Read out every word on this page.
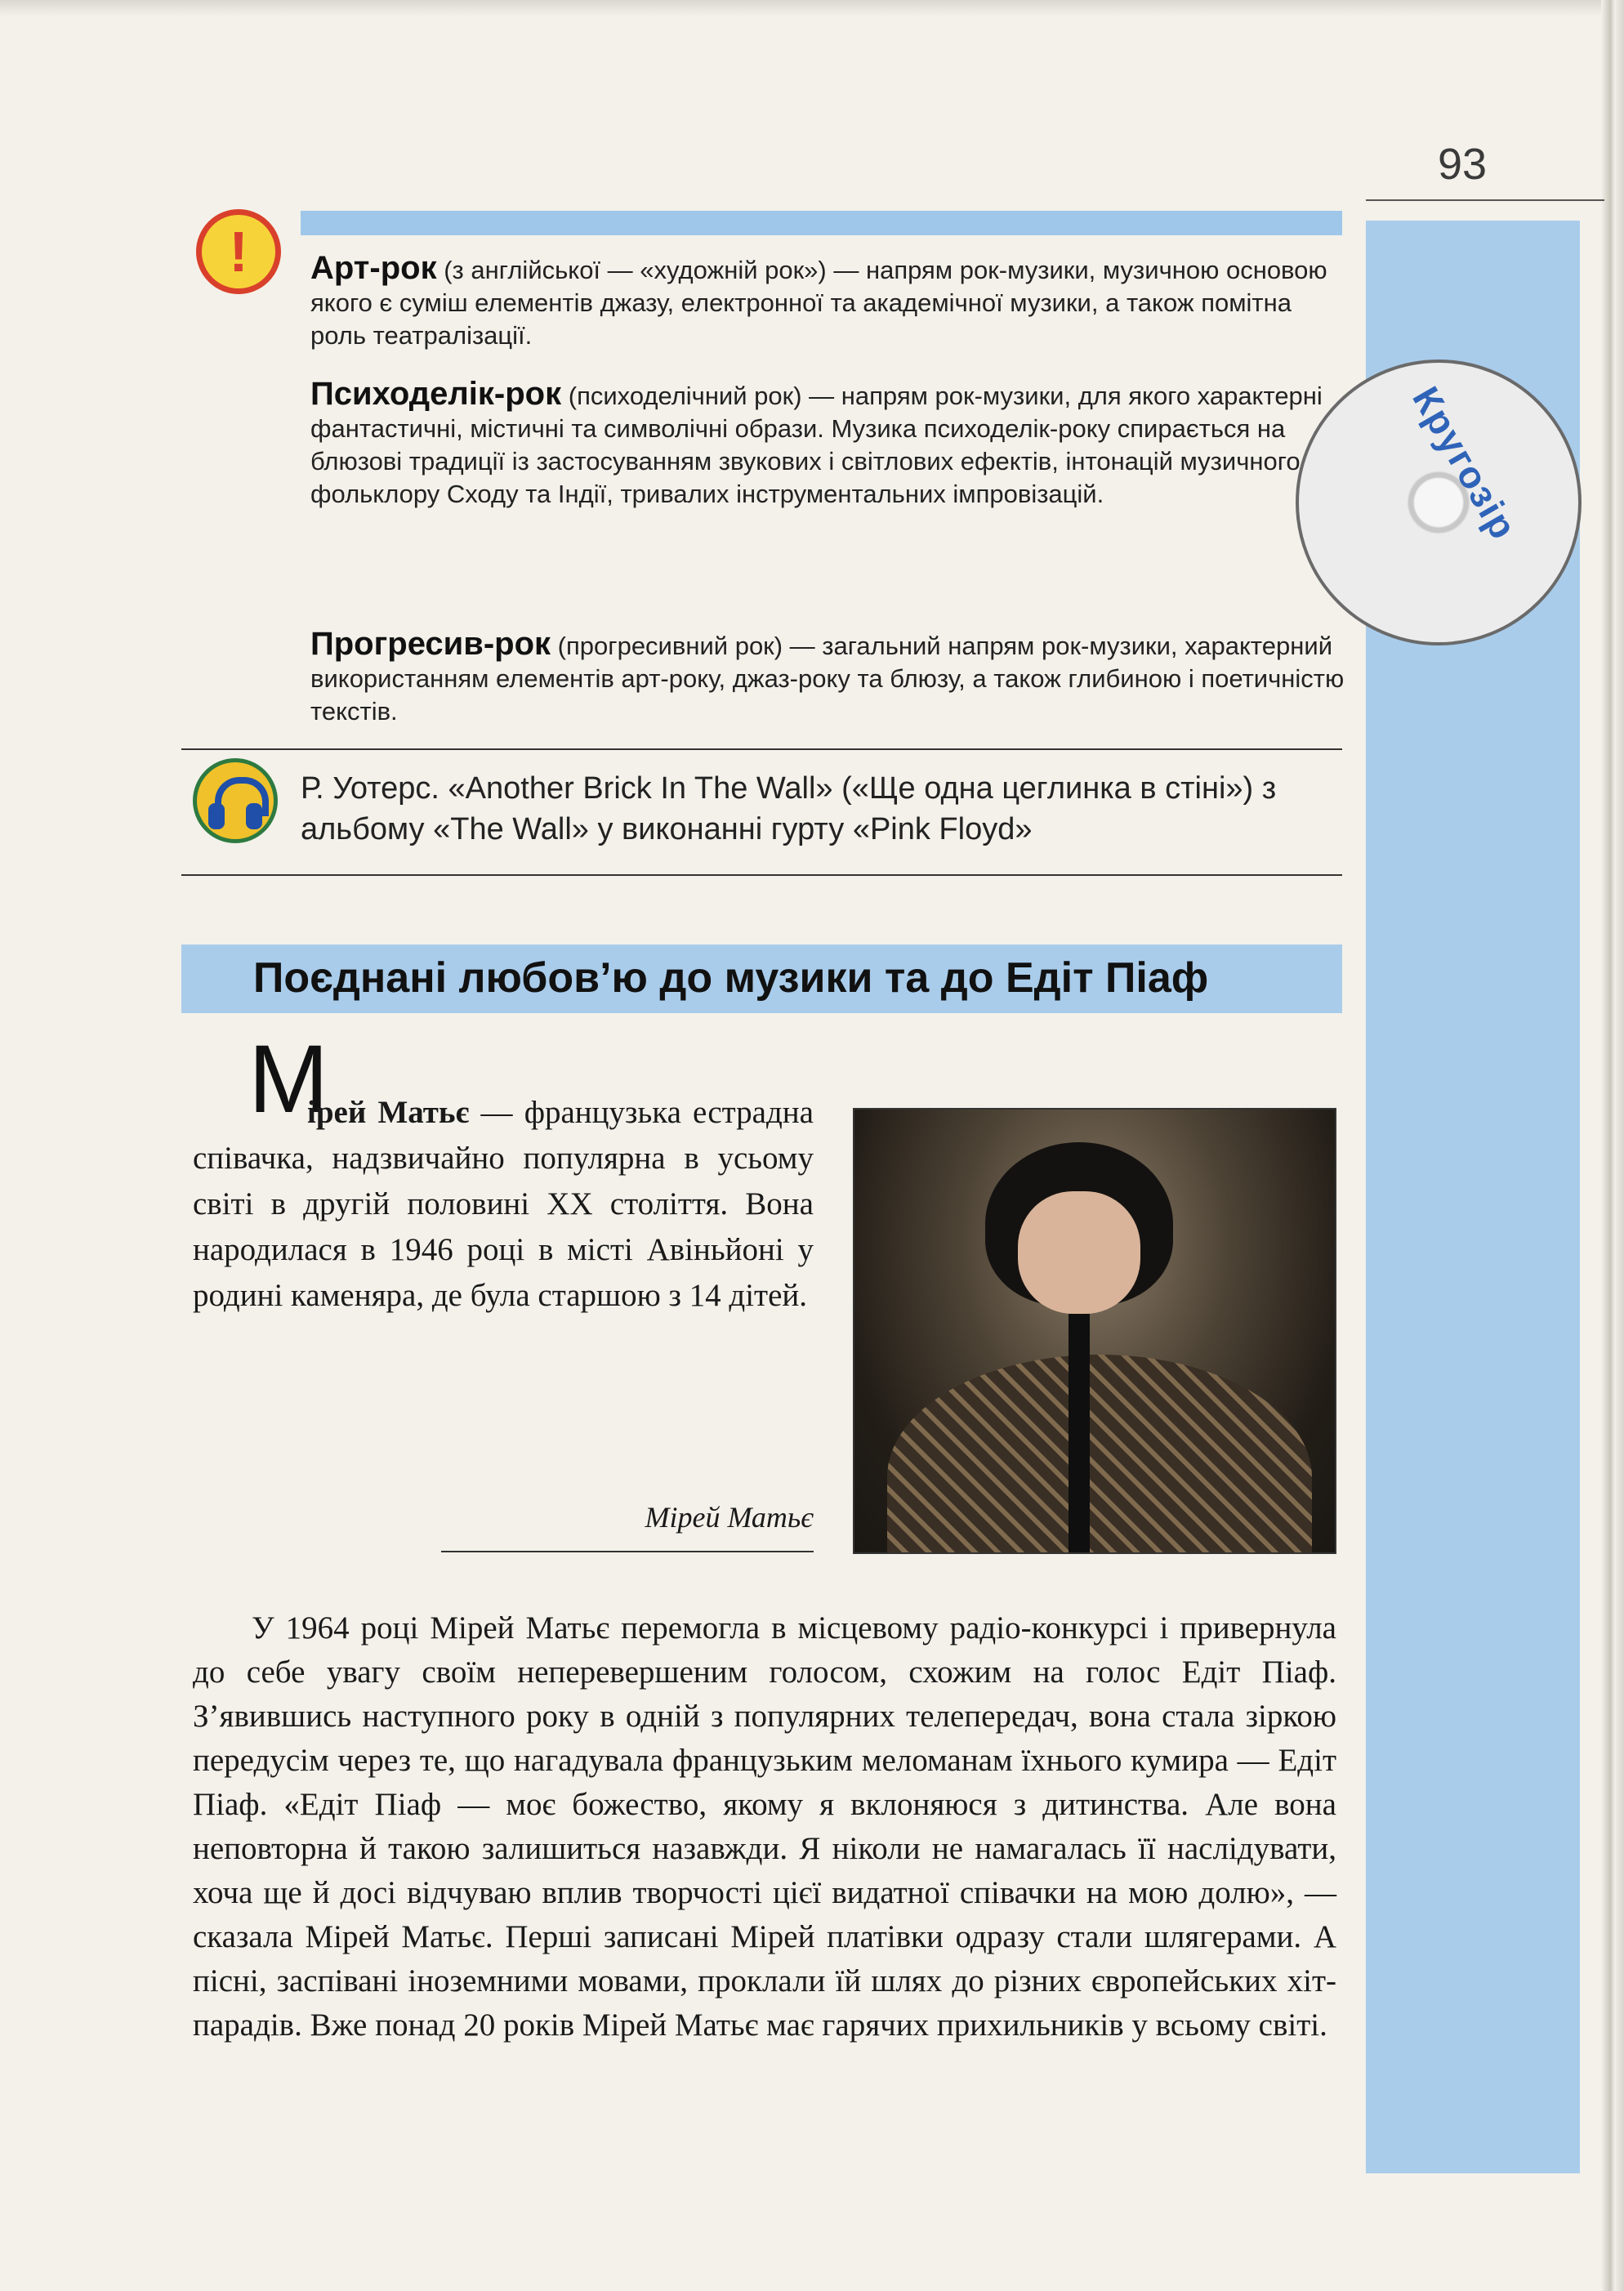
93
Кругозір
!	Арт-рок (з англійської — «художній рок») — напрям рок-музики, музичною основою якого є суміш елементів джазу, електронної та академічної музики, а також помітна роль театралізації.
Психоделік-рок (психоделічний рок) — напрям рок-музики, для якого характерні фантастичні, містичні та символічні образи. Музика психоделік-року спирається на блюзові традиції із застосуванням звукових і світлових ефектів, інтонацій музичного фольклору Сходу та Індії, тривалих інструментальних імпровізацій.
Прогресив-рок (прогресивний рок) — загальний напрям рок-музики, характерний використанням елементів арт-року, джаз-року та блюзу, а також глибиною і поетичністю текстів.
Р. Уотерс. «Another Brick In The Wall» («Ще одна цеглинка в стіні») з альбому «The Wall» у виконанні гурту «Pink Floyd»
Поєднані любов’ю до музики та до Едіт Піаф
М
ірей Матьє — французька естрадна співачка, надзвичайно популярна в усьому світі в другій половині XX століття. Вона народилася в 1946 році в місті Авіньйоні у родині каменяра, де була старшою з 14 дітей.
Мірей Матьє
У 1964 році Мірей Матьє перемогла в місцевому радіо-конкурсі і привернула до себе увагу своїм неперевершеним голосом, схожим на голос Едіт Піаф. З’явившись наступного року в одній з популярних телепередач, вона стала зіркою передусім через те, що нагадувала французьким меломанам їхнього кумира — Едіт Піаф. «Едіт Піаф — моє божество, якому я вклоняюся з дитинства. Але вона неповторна й такою залишиться назавжди. Я ніколи не намагалась її наслідувати, хоча ще й досі відчуваю вплив творчості цієї видатної співачки на мою долю», — сказала Мірей Матьє. Перші записані Мірей платівки одразу стали шлягерами. А пісні, заспівані іноземними мовами, проклали їй шлях до різних європейських хіт-парадів. Вже понад 20 років Мірей Матьє має гарячих прихильників у всьому світі.
